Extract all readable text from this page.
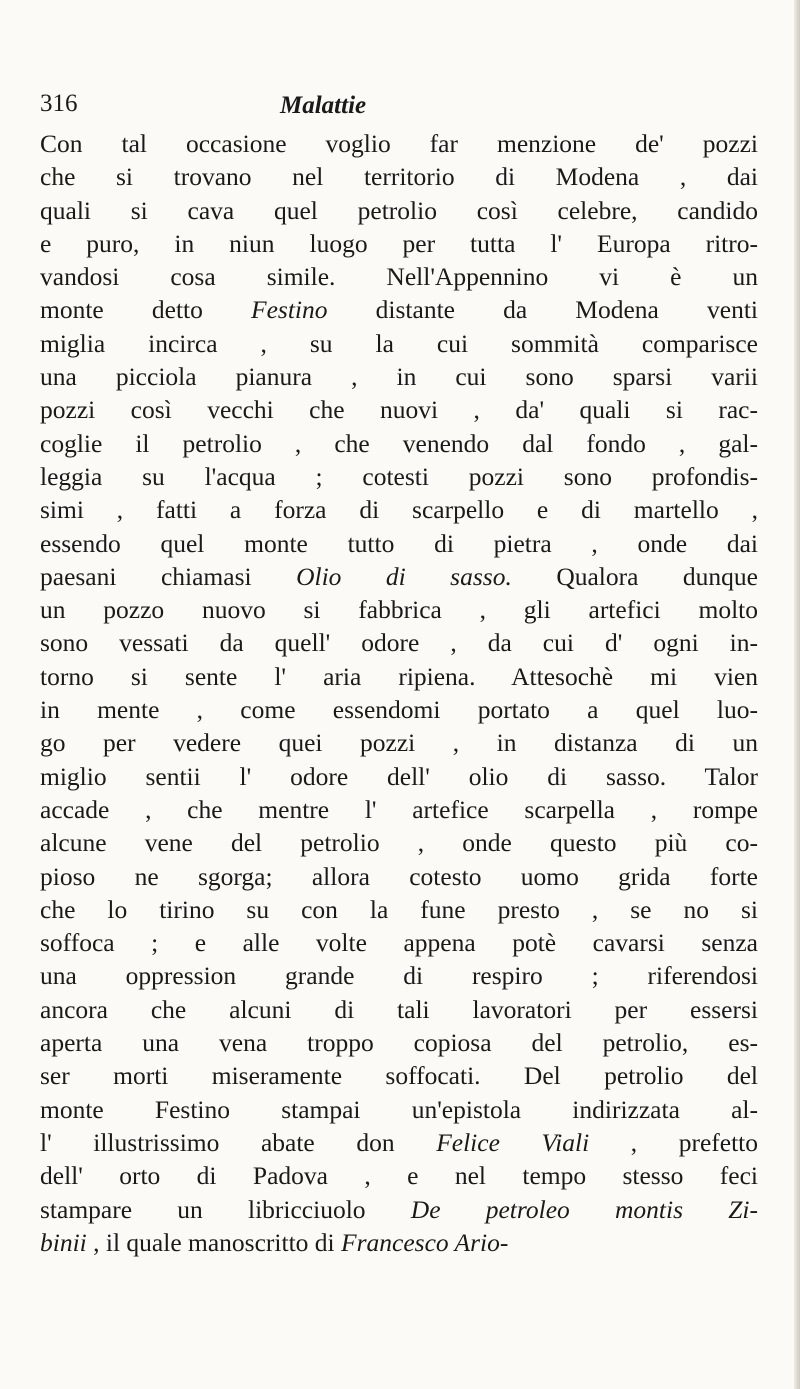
316	Malattie
Con tal occasione voglio far menzione de' pozzi
che si trovano nel territorio di Modena , dai
quali si cava quel petrolio così celebre, candido
e puro, in niun luogo per tutta l' Europa ritro-
vandosi cosa simile. Nell'Appennino vi è un
monte detto Festino distante da Modena venti
miglia incirca , su la cui sommità comparisce
una picciola pianura , in cui sono sparsi varii
pozzi così vecchi che nuovi , da' quali si rac-
coglie il petrolio , che venendo dal fondo , gal-
leggia su l'acqua ; cotesti pozzi sono profondis-
simi , fatti a forza di scarpello e di martello ,
essendo quel monte tutto di pietra , onde dai
paesani chiamasi Olio di sasso. Qualora dunque
un pozzo nuovo si fabbrica , gli artefici molto
sono vessati da quell' odore , da cui d' ogni in-
torno si sente l' aria ripiena. Attesochè mi vien
in mente , come essendomi portato a quel luo-
go per vedere quei pozzi , in distanza di un
miglio sentii l' odore dell' olio di sasso. Talor
accade , che mentre l' artefice scarpella , rompe
alcune vene del petrolio , onde questo più co-
pioso ne sgorga; allora cotesto uomo grida forte
che lo tirino su con la fune presto , se no si
soffoca ; e alle volte appena potè cavarsi senza
una oppression grande di respiro ; riferendosi
ancora che alcuni di tali lavoratori per essersi
aperta una vena troppo copiosa del petrolio, es-
ser morti miseramente soffocati. Del petrolio del
monte Festino stampai un'epistola indirizzata al-
l' illustrissimo abate don Felice Viali , prefetto
dell' orto di Padova , e nel tempo stesso feci
stampare un libricciuolo De petroleo montis Zi-
binii , il quale manoscritto di Francesco Ario-
